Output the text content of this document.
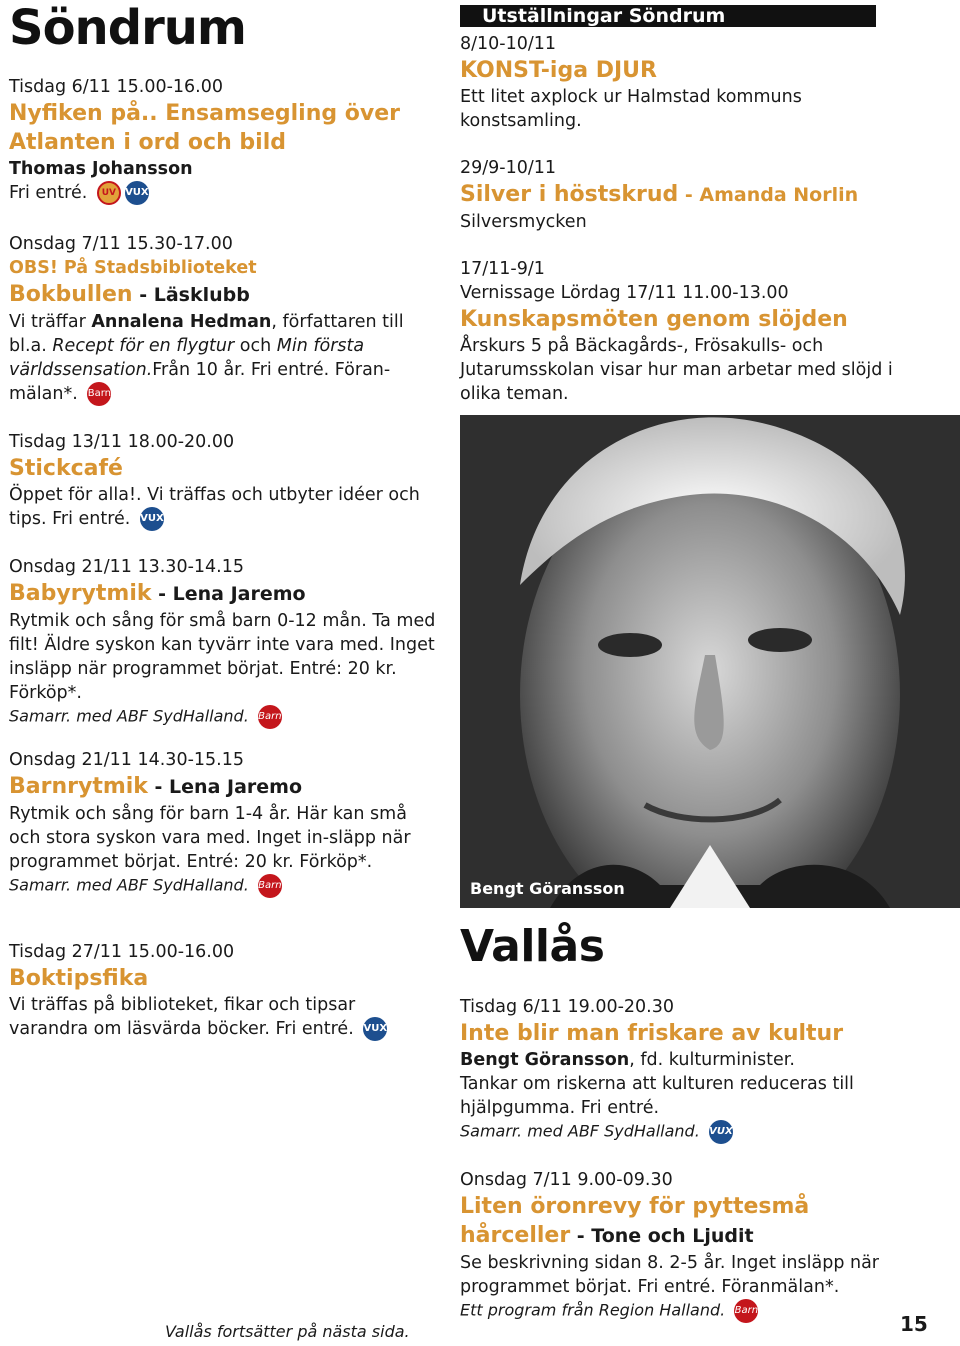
Söndrum

Tisdag 6/11 15.00-16.00

Nyfiken på.. Ensamsegling över Atlanten i ord och bild

Thomas Johansson

Fri entré. UV VUX

Onsdag 7/11 15.30-17.00

OBS! På Stadsbiblioteket

Bokbullen - Läsklubb

Vi träffar Annalena Hedman, författaren till bl.a. Recept för en flygtur och Min första världssensation.Från 10 år. Fri entré. Föran-mälan*. Barn

Tisdag 13/11 18.00-20.00

Stickcafé

Öppet för alla!. Vi träffas och utbyter idéer och tips. Fri entré. VUX

Onsdag 21/11 13.30-14.15

Babyrytmik - Lena Jaremo

Rytmik och sång för små barn 0-12 mån. Ta med filt! Äldre syskon kan tyvärr inte vara med. Inget insläpp när programmet börjat. Entré: 20 kr. Förköp*.

Samarr. med ABF SydHalland. Barn

Onsdag 21/11 14.30-15.15

Barnrytmik - Lena Jaremo

Rytmik och sång för barn 1-4 år. Här kan små och stora syskon vara med. Inget in-släpp när programmet börjat. Entré: 20 kr. Förköp*.

Samarr. med ABF SydHalland. Barn

Tisdag 27/11 15.00-16.00

Boktipsfika

Vi träffas på biblioteket, fikar och tipsar varandra om läsvärda böcker. Fri entré. VUX

Utställningar Söndrum

8/10-10/11

KONST-iga DJUR

Ett litet axplock ur Halmstad kommuns konstsamling.

29/9-10/11

Silver i höstskrud - Amanda Norlin

Silversmycken

17/11-9/1

Vernissage Lördag 17/11 11.00-13.00

Kunskapsmöten genom slöjden

Årskurs 5 på Bäckagårds-, Frösakulls- och Jutarumsskolan visar hur man arbetar med slöjd i olika teman.

Vallås

Tisdag 6/11 19.00-20.30

Inte blir man friskare av kultur

Bengt Göransson, fd. kulturminister.

Tankar om riskerna att kulturen reduceras till hjälpgumma. Fri entré.

Samarr. med ABF SydHalland. VUX

Onsdag 7/11 9.00-09.30

Liten öronrevy för pyttesmå hårceller - Tone och Ljudit

Se beskrivning sidan 8. 2-5 år. Inget insläpp när programmet börjat. Fri entré. Föranmälan*.

Ett program från Region Halland. Barn

Bengt Göransson
Vallås fortsätter på nästa sida.	15
